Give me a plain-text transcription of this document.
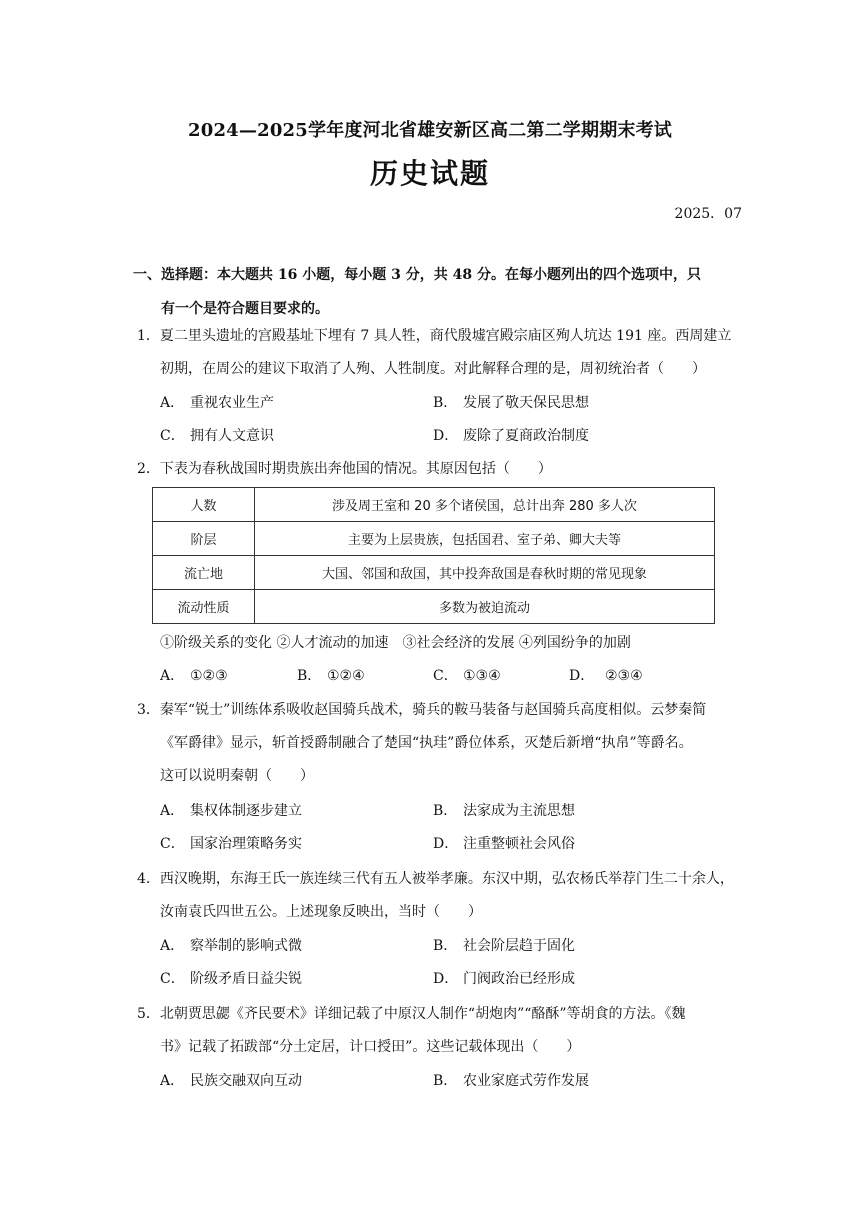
2024—2025学年度河北省雄安新区高二第二学期期末考试
历史试题
2025．07
一、选择题：本大题共 16 小题，每小题 3 分，共 48 分。在每小题列出的四个选项中，只
有一个是符合题目要求的。
1．夏二里头遗址的宫殿基址下埋有 7 具人牲，商代殷墟宫殿宗庙区殉人坑达 191 座。西周建立
初期，在周公的建议下取消了人殉、人牲制度。对此解释合理的是，周初统治者（　　）
A． 重视农业生产	B． 发展了敬天保民思想
C． 拥有人文意识	D． 废除了夏商政治制度
2．下表为春秋战国时期贵族出奔他国的情况。其原因包括（　　）
人数	涉及周王室和 20 多个诸侯国，总计出奔 280 多人次
阶层	主要为上层贵族，包括国君、室子弟、卿大夫等
流亡地	大国、邻国和敌国，其中投奔敌国是春秋时期的常见现象
流动性质	多数为被迫流动
①阶级关系的变化 ②人才流动的加速　③社会经济的发展 ④列国纷争的加剧
A． ①②③	B． ①②④	C． ①③④	D． ②③④
3．秦军“锐士”训练体系吸收赵国骑兵战术，骑兵的鞍马装备与赵国骑兵高度相似。云梦秦简
《军爵律》显示，斩首授爵制融合了楚国“执珪”爵位体系，灭楚后新增“执帛”等爵名。
这可以说明秦朝（　　）
A． 集权体制逐步建立	B． 法家成为主流思想
C． 国家治理策略务实	D． 注重整顿社会风俗
4．西汉晚期，东海王氏一族连续三代有五人被举孝廉。东汉中期，弘农杨氏举荐门生二十余人，
汝南袁氏四世五公。上述现象反映出，当时（　　）
A． 察举制的影响式微	B． 社会阶层趋于固化
C． 阶级矛盾日益尖锐	D． 门阀政治已经形成
5．北朝贾思勰《齐民要术》详细记载了中原汉人制作“胡炮肉”“酪酥”等胡食的方法。《魏
书》记载了拓跋部“分土定居，计口授田”。这些记载体现出（　　）
A． 民族交融双向互动	B． 农业家庭式劳作发展
